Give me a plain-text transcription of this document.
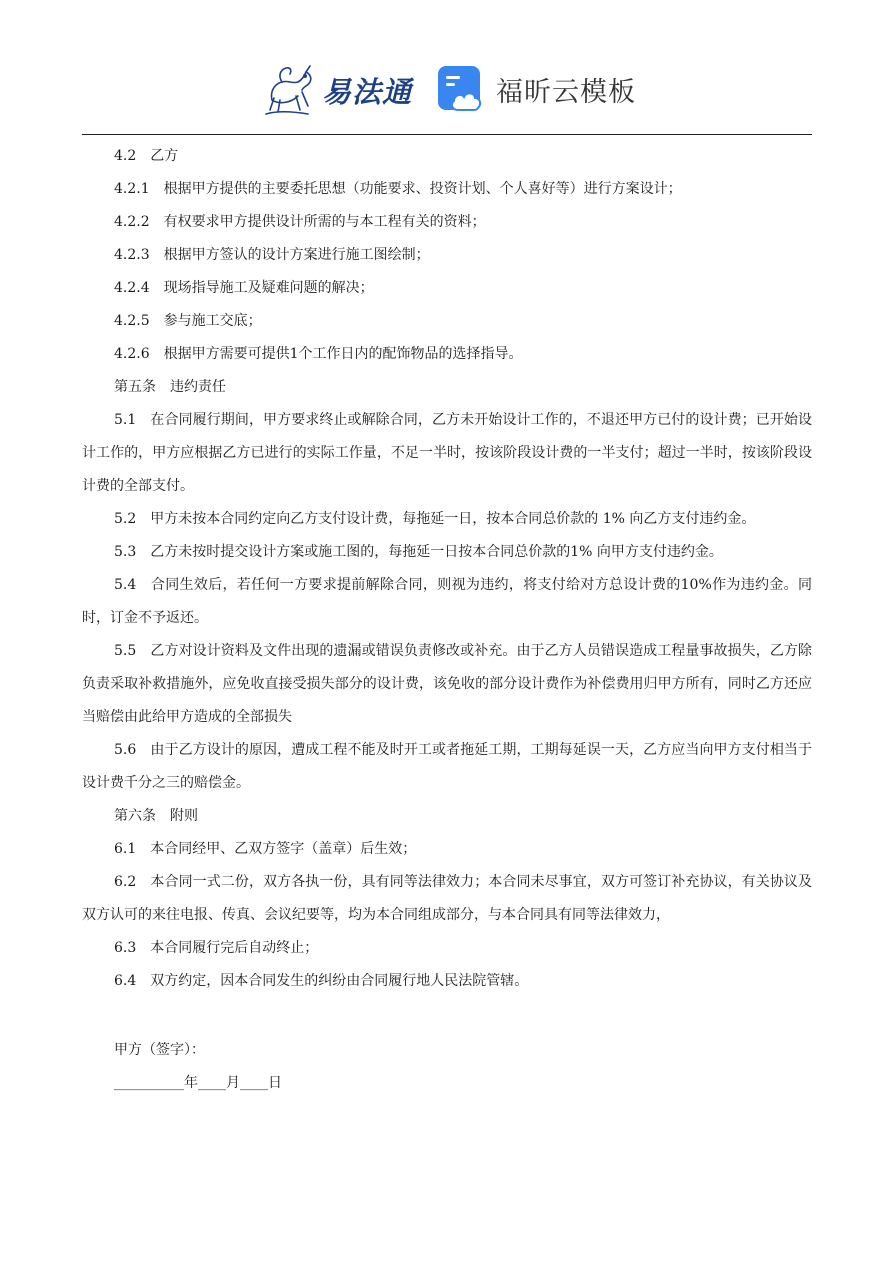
易法通	福昕云模板

4.2　乙方

4.2.1　根据甲方提供的主要委托思想（功能要求、投资计划、个人喜好等）进行方案设计；

4.2.2　有权要求甲方提供设计所需的与本工程有关的资料；

4.2.3　根据甲方签认的设计方案进行施工图绘制；

4.2.4　现场指导施工及疑难问题的解决；

4.2.5　参与施工交底；

4.2.6　根据甲方需要可提供1个工作日内的配饰物品的选择指导。

第五条　违约责任

5.1　在合同履行期间，甲方要求终止或解除合同，乙方未开始设计工作的，不退还甲方已付的设计费；已开始设计工作的，甲方应根据乙方已进行的实际工作量，不足一半时，按该阶段设计费的一半支付；超过一半时，按该阶段设计费的全部支付。

5.2　甲方未按本合同约定向乙方支付设计费，每拖延一日，按本合同总价款的 1% 向乙方支付违约金。

5.3　乙方未按时提交设计方案或施工图的，每拖延一日按本合同总价款的1% 向甲方支付违约金。

5.4　合同生效后，若任何一方要求提前解除合同，则视为违约，将支付给对方总设计费的10%作为违约金。同时，订金不予返还。

5.5　乙方对设计资料及文件出现的遗漏或错误负责修改或补充。由于乙方人员错误造成工程量事故损失，乙方除负责采取补救措施外，应免收直接受损失部分的设计费，该免收的部分设计费作为补偿费用归甲方所有，同时乙方还应当赔偿由此给甲方造成的全部损失

5.6　由于乙方设计的原因，遭成工程不能及时开工或者拖延工期，工期每延误一天，乙方应当向甲方支付相当于设计费千分之三的赔偿金。

第六条　附则

6.1　本合同经甲、乙双方签字（盖章）后生效；

6.2　本合同一式二份，双方各执一份，具有同等法律效力；本合同未尽事宜，双方可签订补充协议，有关协议及双方认可的来往电报、传真、会议纪要等，均为本合同组成部分，与本合同具有同等法律效力，

6.3　本合同履行完后自动终止；

6.4　双方约定，因本合同发生的纠纷由合同履行地人民法院管辖。

甲方（签字）：

__________年____月____日
